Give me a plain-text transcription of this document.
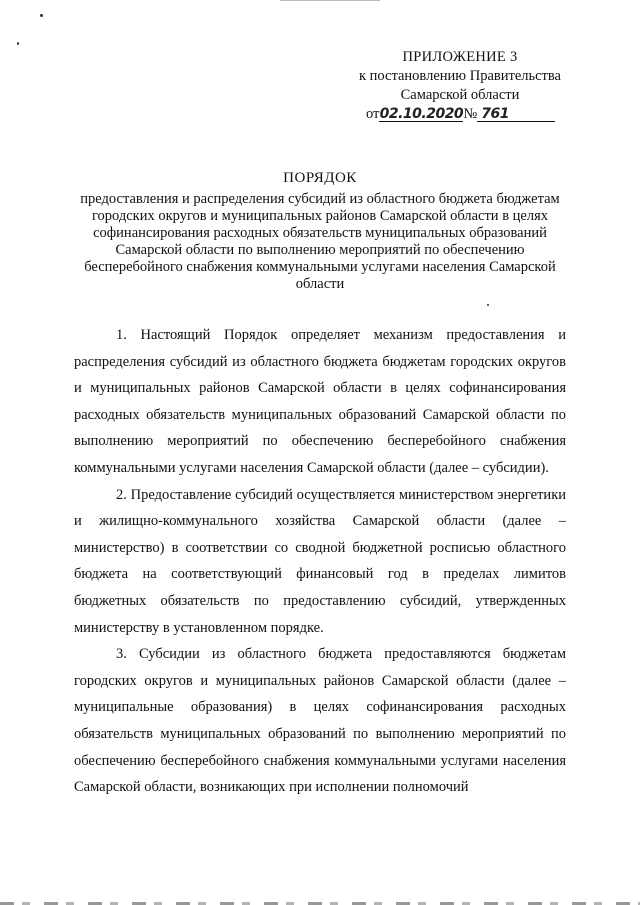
ПРИЛОЖЕНИЕ 3
к постановлению Правительства
Самарской области
от02.10.2020№ 761
ПОРЯДОК
предоставления и распределения субсидий из областного бюджета бюджетам городских округов и муниципальных районов Самарской области в целях софинансирования расходных обязательств муниципальных образований Самарской области по выполнению мероприятий по обеспечению бесперебойного снабжения коммунальными услугами населения Самарской области

1. Настоящий Порядок определяет механизм предоставления и распределения субсидий из областного бюджета бюджетам городских округов и муниципальных районов Самарской области в целях софинансирования расходных обязательств муниципальных образований Самарской области по выполнению мероприятий по обеспечению бесперебойного снабжения коммунальными услугами населения Самарской области (далее – субсидии).

2. Предоставление субсидий осуществляется министерством энергетики и жилищно-коммунального хозяйства Самарской области (далее – министерство) в соответствии со сводной бюджетной росписью областного бюджета на соответствующий финансовый год в пределах лимитов бюджетных обязательств по предоставлению субсидий, утвержденных министерству в установленном порядке.

3. Субсидии из областного бюджета предоставляются бюджетам городских округов и муниципальных районов Самарской области (далее – муниципальные образования) в целях софинансирования расходных обязательств муниципальных образований по выполнению мероприятий по обеспечению бесперебойного снабжения коммунальными услугами населения Самарской области, возникающих при исполнении полномочий
